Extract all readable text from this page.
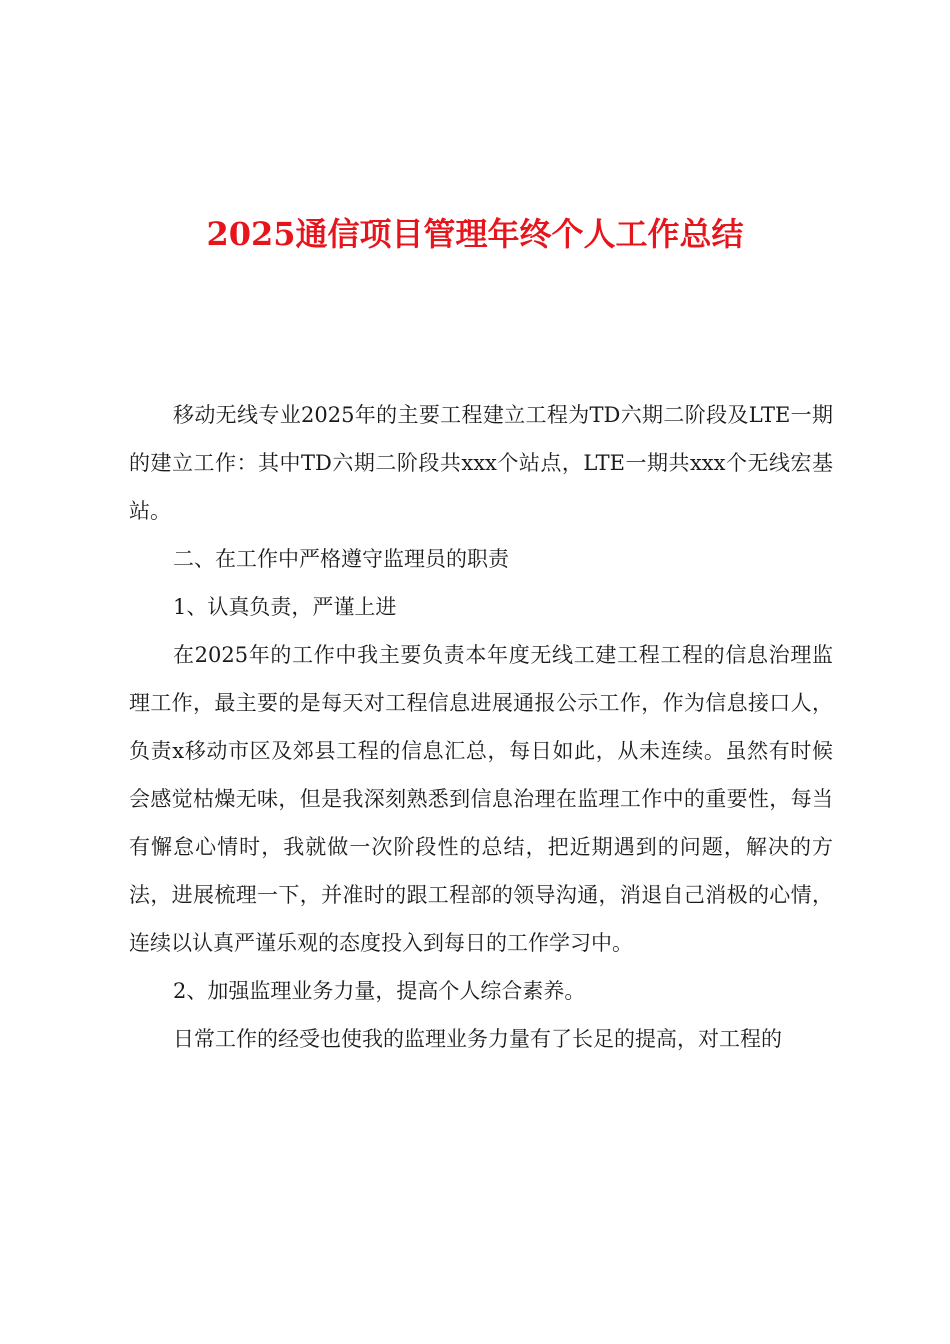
2025通信项目管理年终个人工作总结

移动无线专业2025年的主要工程建立工程为TD六期二阶段及LTE一期的建立工作：其中TD六期二阶段共xxx个站点，LTE一期共xxx个无线宏基站。

二、在工作中严格遵守监理员的职责

1、认真负责，严谨上进

在2025年的工作中我主要负责本年度无线工建工程工程的信息治理监理工作，最主要的是每天对工程信息进展通报公示工作，作为信息接口人，负责x移动市区及郊县工程的信息汇总，每日如此，从未连续。虽然有时候会感觉枯燥无味，但是我深刻熟悉到信息治理在监理工作中的重要性，每当有懈怠心情时，我就做一次阶段性的总结，把近期遇到的问题，解决的方法，进展梳理一下，并准时的跟工程部的领导沟通，消退自己消极的心情，连续以认真严谨乐观的态度投入到每日的工作学习中。

2、加强监理业务力量，提高个人综合素养。

日常工作的经受也使我的监理业务力量有了长足的提高，对工程的
